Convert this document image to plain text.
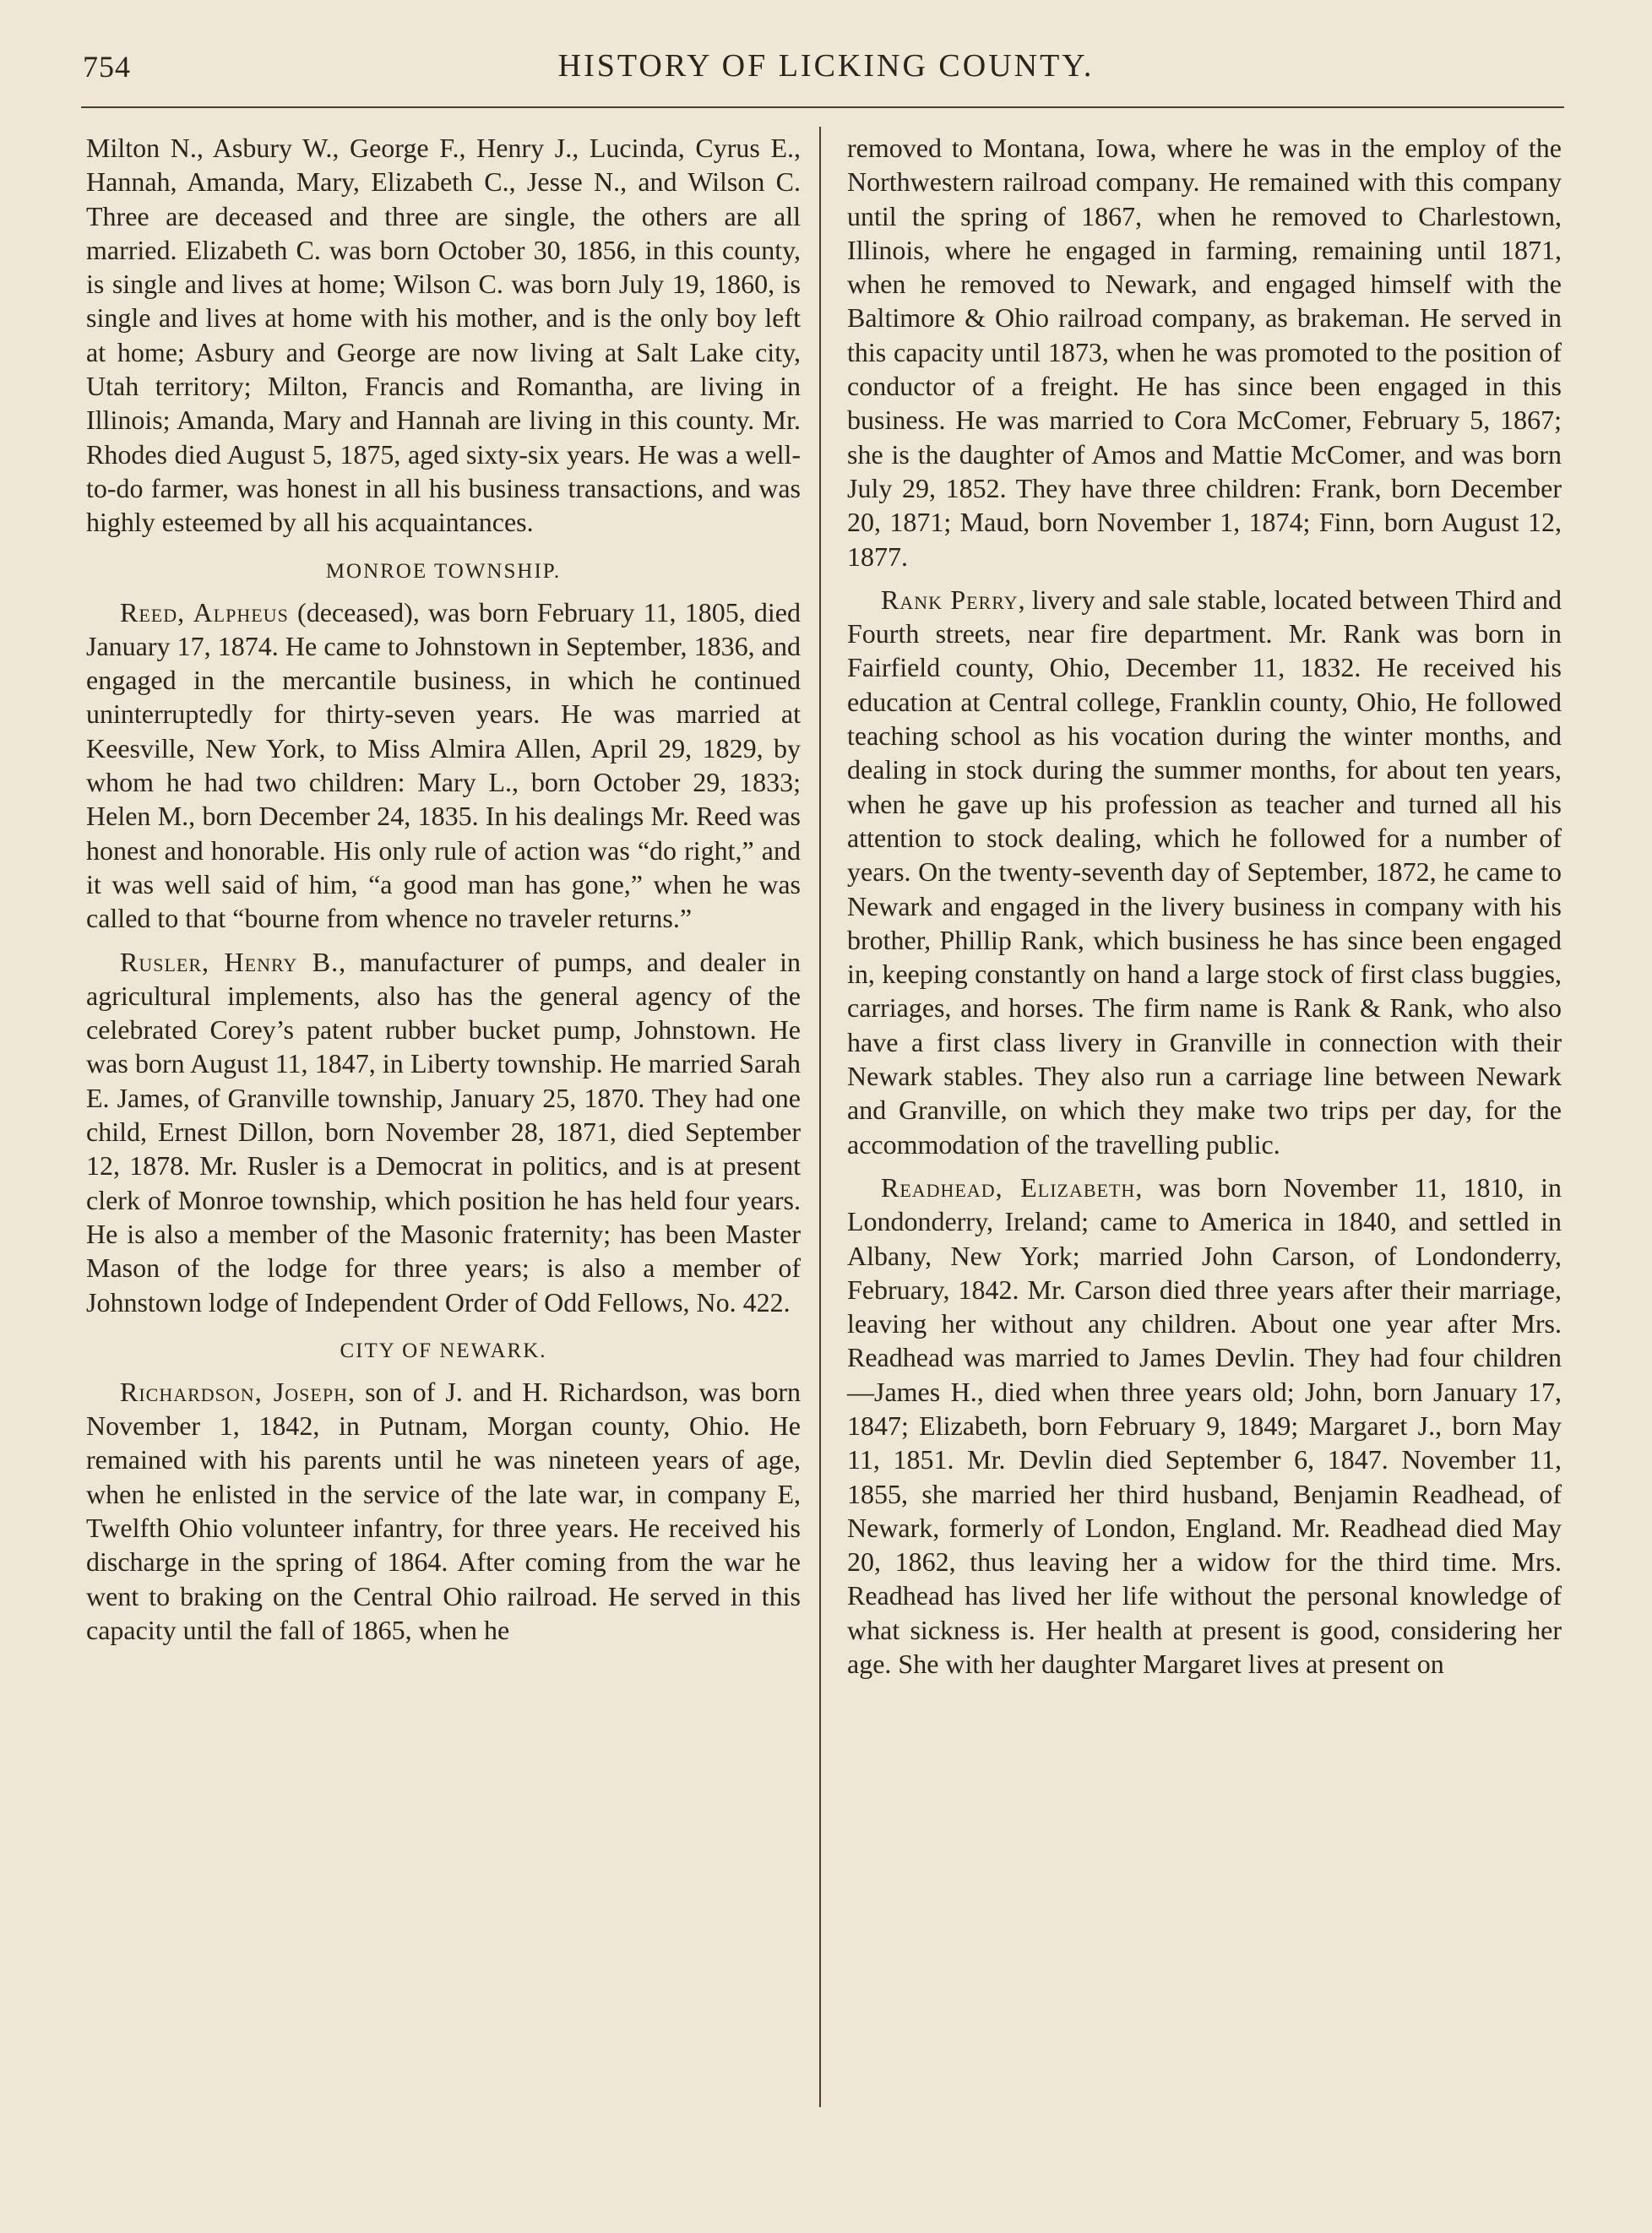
754	HISTORY OF LICKING COUNTY.

Milton N., Asbury W., George F., Henry J., Lucinda, Cyrus E., Hannah, Amanda, Mary, Elizabeth C., Jesse N., and Wilson C. Three are deceased and three are single, the others are all married. Elizabeth C. was born October 30, 1856, in this county, is single and lives at home; Wilson C. was born July 19, 1860, is single and lives at home with his mother, and is the only boy left at home; Asbury and George are now living at Salt Lake city, Utah territory; Milton, Francis and Romantha, are living in Illinois; Amanda, Mary and Hannah are living in this county. Mr. Rhodes died August 5, 1875, aged sixty-six years. He was a well-to-do farmer, was honest in all his business transactions, and was highly esteemed by all his acquaintances.

MONROE TOWNSHIP.

Reed, Alpheus (deceased), was born February 11, 1805, died January 17, 1874. He came to Johnstown in September, 1836, and engaged in the mercantile business, in which he continued uninterruptedly for thirty-seven years. He was married at Keesville, New York, to Miss Almira Allen, April 29, 1829, by whom he had two children: Mary L., born October 29, 1833; Helen M., born December 24, 1835. In his dealings Mr. Reed was honest and honorable. His only rule of action was “do right,” and it was well said of him, “a good man has gone,” when he was called to that “bourne from whence no traveler returns.”

Rusler, Henry B., manufacturer of pumps, and dealer in agricultural implements, also has the general agency of the celebrated Corey’s patent rubber bucket pump, Johnstown. He was born August 11, 1847, in Liberty township. He married Sarah E. James, of Granville township, January 25, 1870. They had one child, Ernest Dillon, born November 28, 1871, died September 12, 1878. Mr. Rusler is a Democrat in politics, and is at present clerk of Monroe township, which position he has held four years. He is also a member of the Masonic fraternity; has been Master Mason of the lodge for three years; is also a member of Johnstown lodge of Independent Order of Odd Fellows, No. 422.

CITY OF NEWARK.

Richardson, Joseph, son of J. and H. Richardson, was born November 1, 1842, in Putnam, Morgan county, Ohio. He remained with his parents until he was nineteen years of age, when he enlisted in the service of the late war, in company E, Twelfth Ohio volunteer infantry, for three years. He received his discharge in the spring of 1864. After coming from the war he went to braking on the Central Ohio railroad. He served in this capacity until the fall of 1865, when he

removed to Montana, Iowa, where he was in the employ of the Northwestern railroad company. He remained with this company until the spring of 1867, when he removed to Charlestown, Illinois, where he engaged in farming, remaining until 1871, when he removed to Newark, and engaged himself with the Baltimore & Ohio railroad company, as brakeman. He served in this capacity until 1873, when he was promoted to the position of conductor of a freight. He has since been engaged in this business. He was married to Cora McComer, February 5, 1867; she is the daughter of Amos and Mattie McComer, and was born July 29, 1852. They have three children: Frank, born December 20, 1871; Maud, born November 1, 1874; Finn, born August 12, 1877.

Rank Perry, livery and sale stable, located between Third and Fourth streets, near fire department. Mr. Rank was born in Fairfield county, Ohio, December 11, 1832. He received his education at Central college, Franklin county, Ohio, He followed teaching school as his vocation during the winter months, and dealing in stock during the summer months, for about ten years, when he gave up his profession as teacher and turned all his attention to stock dealing, which he followed for a number of years. On the twenty-seventh day of September, 1872, he came to Newark and engaged in the livery business in company with his brother, Phillip Rank, which business he has since been engaged in, keeping constantly on hand a large stock of first class buggies, carriages, and horses. The firm name is Rank & Rank, who also have a first class livery in Granville in connection with their Newark stables. They also run a carriage line between Newark and Granville, on which they make two trips per day, for the accommodation of the travelling public.

Readhead, Elizabeth, was born November 11, 1810, in Londonderry, Ireland; came to America in 1840, and settled in Albany, New York; married John Carson, of Londonderry, February, 1842. Mr. Carson died three years after their marriage, leaving her without any children. About one year after Mrs. Readhead was married to James Devlin. They had four children—James H., died when three years old; John, born January 17, 1847; Elizabeth, born February 9, 1849; Margaret J., born May 11, 1851. Mr. Devlin died September 6, 1847. November 11, 1855, she married her third husband, Benjamin Readhead, of Newark, formerly of London, England. Mr. Readhead died May 20, 1862, thus leaving her a widow for the third time. Mrs. Readhead has lived her life without the personal knowledge of what sickness is. Her health at present is good, considering her age. She with her daughter Margaret lives at present on
